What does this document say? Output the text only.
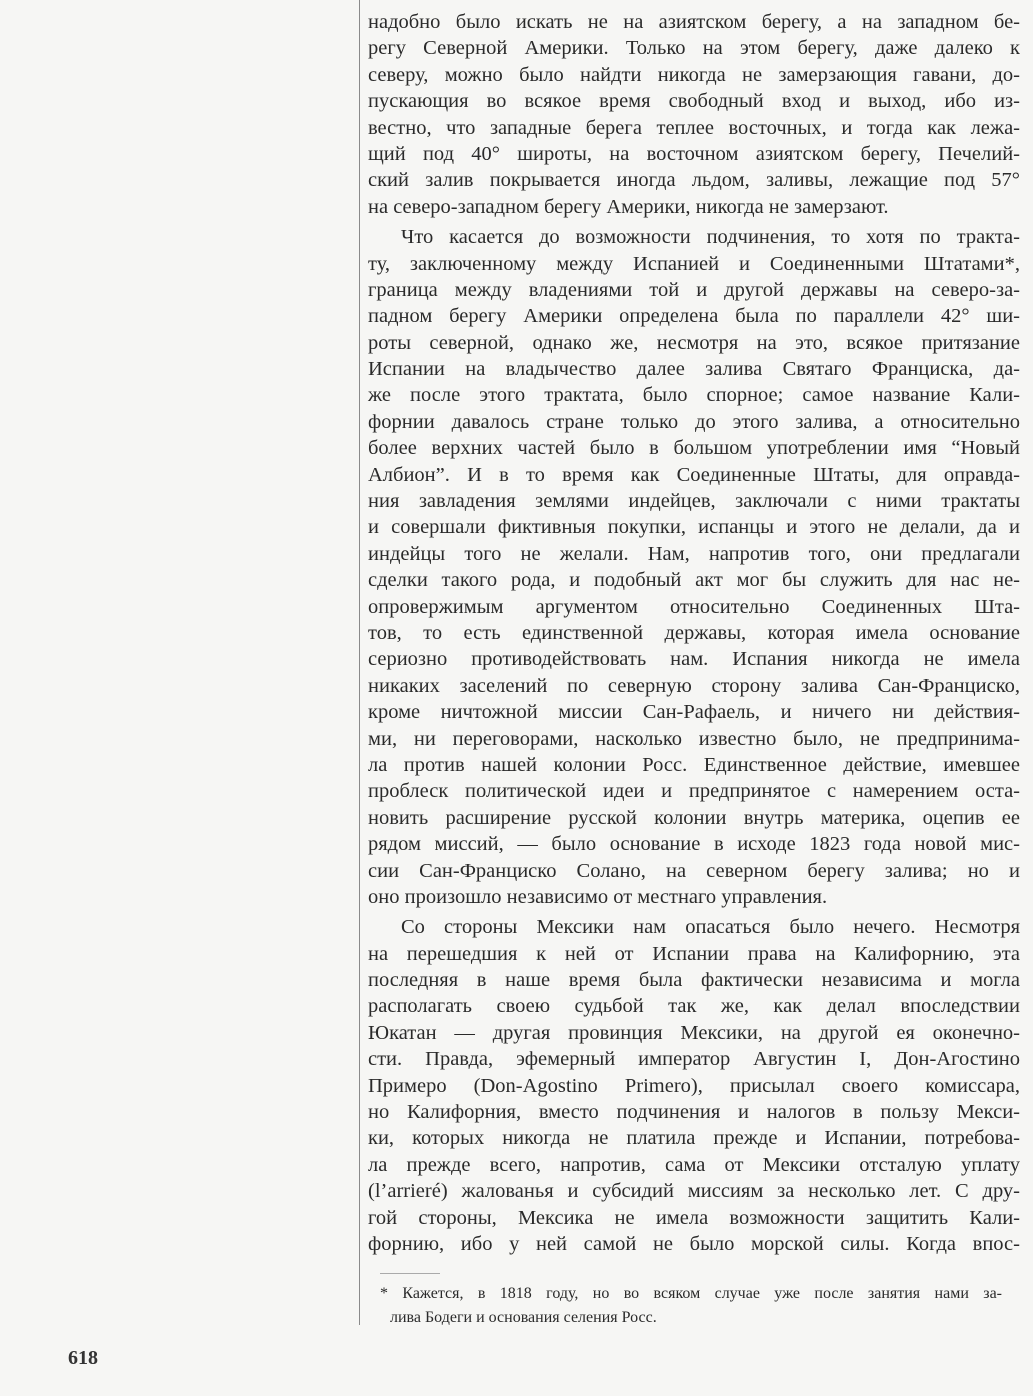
надобно было искать не на азиятском берегу, а на западном бе-
регу Северной Америки. Только на этом берегу, даже далеко к
северу, можно было найдти никогда не замерзающия гавани, до-
пускающия во всякое время свободный вход и выход, ибо из-
вестно, что западные берега теплее восточных, и тогда как лежа-
щий под 40° широты, на восточном азиятском берегу, Печелий-
ский залив покрывается иногда льдом, заливы, лежащие под 57°
на северо-западном берегу Америки, никогда не замерзают.
Что касается до возможности подчинения, то хотя по тракта-
ту, заключенному между Испанией и Соединенными Штатами*,
граница между владениями той и другой державы на северо-за-
падном берегу Америки определена была по параллели 42° ши-
роты северной, однако же, несмотря на это, всякое притязание
Испании на владычество далее залива Святаго Франциска, да-
же после этого трактата, было спорное; самое название Кали-
форнии давалось стране только до этого залива, а относительно
более верхних частей было в большом употреблении имя “Новый
Албион”. И в то время как Соединенные Штаты, для оправда-
ния завладения землями индейцев, заключали с ними трактаты
и совершали фиктивныя покупки, испанцы и этого не делали, да и
индейцы того не желали. Нам, напротив того, они предлагали
сделки такого рода, и подобный акт мог бы служить для нас не-
опровержимым аргументом относительно Соединенных Шта-
тов, то есть единственной державы, которая имела основание
сериозно противодействовать нам. Испания никогда не имела
никаких заселений по северную сторону залива Сан-Франциско,
кроме ничтожной миссии Сан-Рафаель, и ничего ни действия-
ми, ни переговорами, насколько известно было, не предпринима-
ла против нашей колонии Росс. Единственное действие, имевшее
проблеск политической идеи и предпринятое с намерением оста-
новить расширение русской колонии внутрь материка, оцепив ее
рядом миссий, — было основание в исходе 1823 года новой мис-
сии Сан-Франциско Солано, на северном берегу залива; но и
оно произошло независимо от местнаго управления.
Со стороны Мексики нам опасаться было нечего. Несмотря
на перешедшия к ней от Испании права на Калифорнию, эта
последняя в наше время была фактически независима и могла
располагать своею судьбой так же, как делал впоследствии
Юкатан — другая провинция Мексики, на другой ея оконечно-
сти. Правда, эфемерный император Августин I, Дон-Агостино
Примеро (Don-Agostino Primero), присылал своего комиссара,
но Калифорния, вместо подчинения и налогов в пользу Мекси-
ки, которых никогда не платила прежде и Испании, потребова-
ла прежде всего, напротив, сама от Мексики отсталую уплату
(l’arrieré) жалованья и субсидий миссиям за несколько лет. С дру-
гой стороны, Мексика не имела возможности защитить Кали-
форнию, ибо у ней самой не было морской силы. Когда впос-
* Кажется, в 1818 году, но во всяком случае уже после занятия нами за-
лива Бодеги и основания селения Росс.
618
